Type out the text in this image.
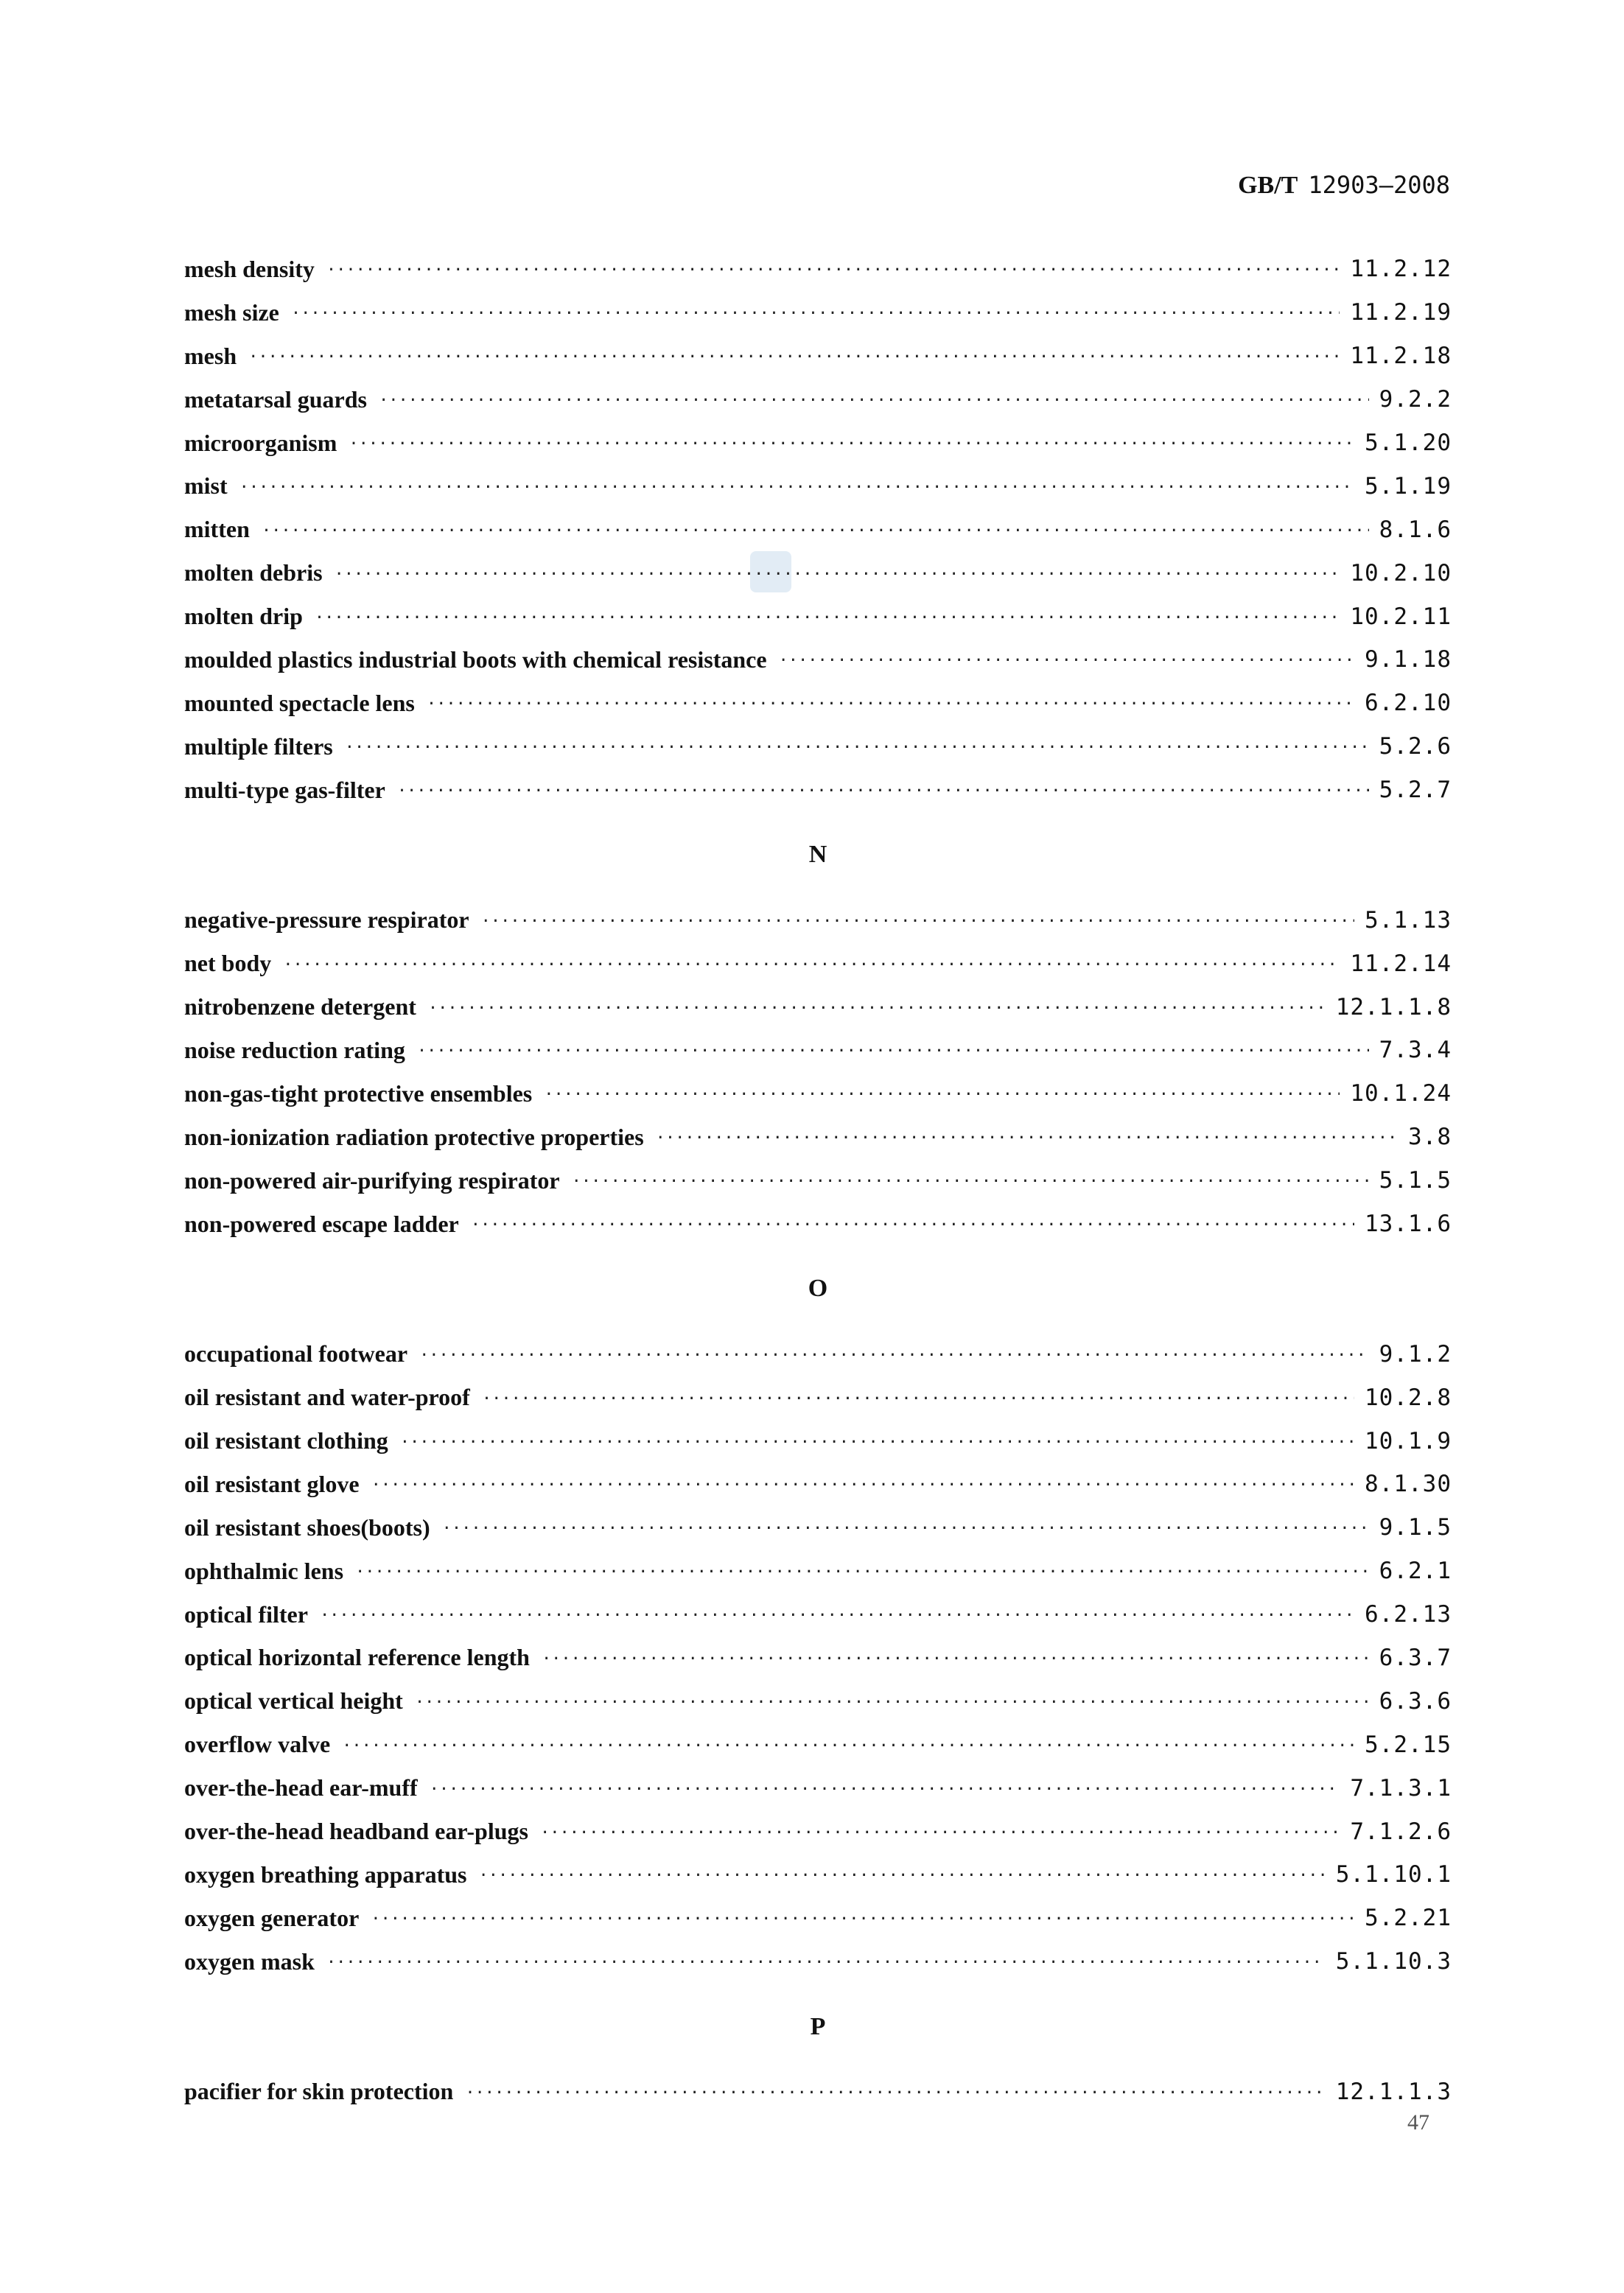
GB/T 12903—2008
mesh density ·····	11.2.12
mesh size ·····	11.2.19
mesh ·····	11.2.18
metatarsal guards ·····	9.2.2
microorganism ·····	5.1.20
mist ·····	5.1.19
mitten ·····	8.1.6
molten debris ·····	10.2.10
molten drip ·····	10.2.11
moulded plastics industrial boots with chemical resistance ·····	9.1.18
mounted spectacle lens ·····	6.2.10
multiple filters ·····	5.2.6
multi-type gas-filter ·····	5.2.7
N
negative-pressure respirator ·····	5.1.13
net body ·····	11.2.14
nitrobenzene detergent ·····	12.1.1.8
noise reduction rating ·····	7.3.4
non-gas-tight protective ensembles ·····	10.1.24
non-ionization radiation protective properties ·····	3.8
non-powered air-purifying respirator ·····	5.1.5
non-powered escape ladder ·····	13.1.6
O
occupational footwear ·····	9.1.2
oil resistant and water-proof ·····	10.2.8
oil resistant clothing ·····	10.1.9
oil resistant glove ·····	8.1.30
oil resistant shoes(boots) ·····	9.1.5
ophthalmic lens ·····	6.2.1
optical filter ·····	6.2.13
optical horizontal reference length ·····	6.3.7
optical vertical height ·····	6.3.6
overflow valve ·····	5.2.15
over-the-head ear-muff ·····	7.1.3.1
over-the-head headband ear-plugs ·····	7.1.2.6
oxygen breathing apparatus ·····	5.1.10.1
oxygen generator ·····	5.2.21
oxygen mask ·····	5.1.10.3
P
pacifier for skin protection ·····	12.1.1.3
47
